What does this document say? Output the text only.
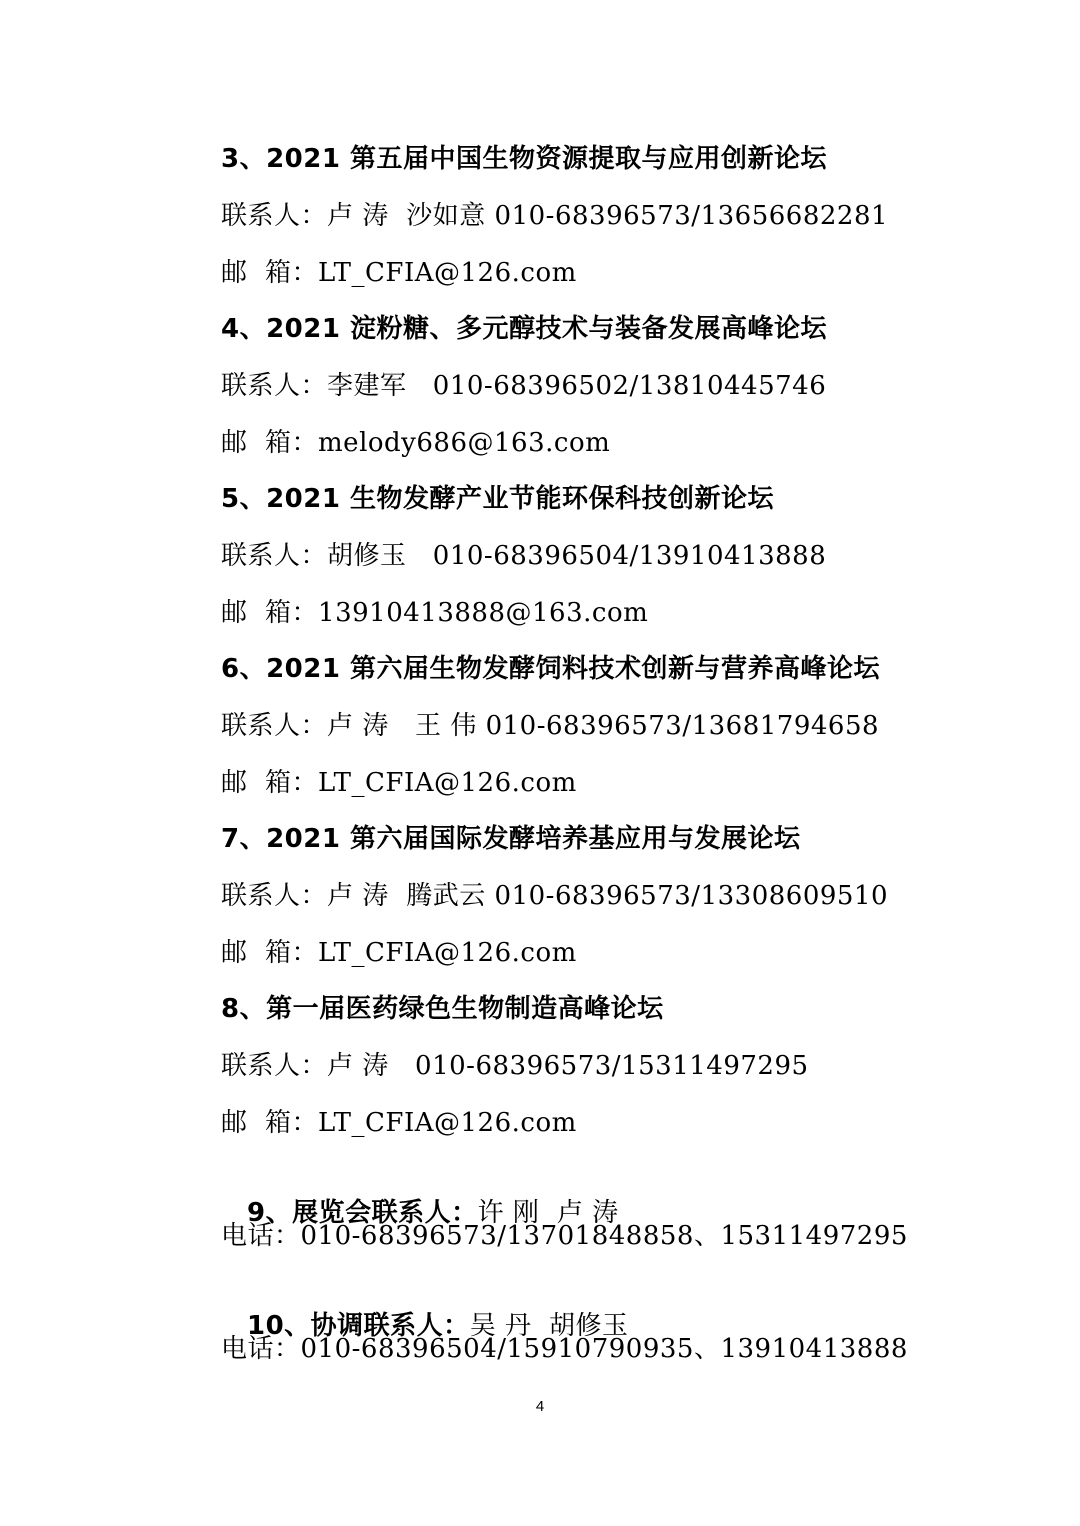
3、2021 第五届中国生物资源提取与应用创新论坛
联系人：卢 涛  沙如意 010-68396573/13656682281
邮  箱：LT_CFIA@126.com
4、2021 淀粉糖、多元醇技术与装备发展高峰论坛
联系人：李建军   010-68396502/13810445746
邮  箱：melody686@163.com
5、2021 生物发酵产业节能环保科技创新论坛
联系人：胡修玉   010-68396504/13910413888
邮  箱：13910413888@163.com
6、2021 第六届生物发酵饲料技术创新与营养高峰论坛
联系人：卢 涛   王 伟 010-68396573/13681794658
邮  箱：LT_CFIA@126.com
7、2021 第六届国际发酵培养基应用与发展论坛
联系人：卢 涛  腾武云 010-68396573/13308609510
邮  箱：LT_CFIA@126.com
8、第一届医药绿色生物制造高峰论坛
联系人：卢 涛   010-68396573/15311497295
邮  箱：LT_CFIA@126.com

9、展览会联系人：许 刚  卢 涛

电话：010-68396573/13701848858、15311497295

10、协调联系人：吴 丹  胡修玉

电话：010-68396504/15910790935、13910413888
4
